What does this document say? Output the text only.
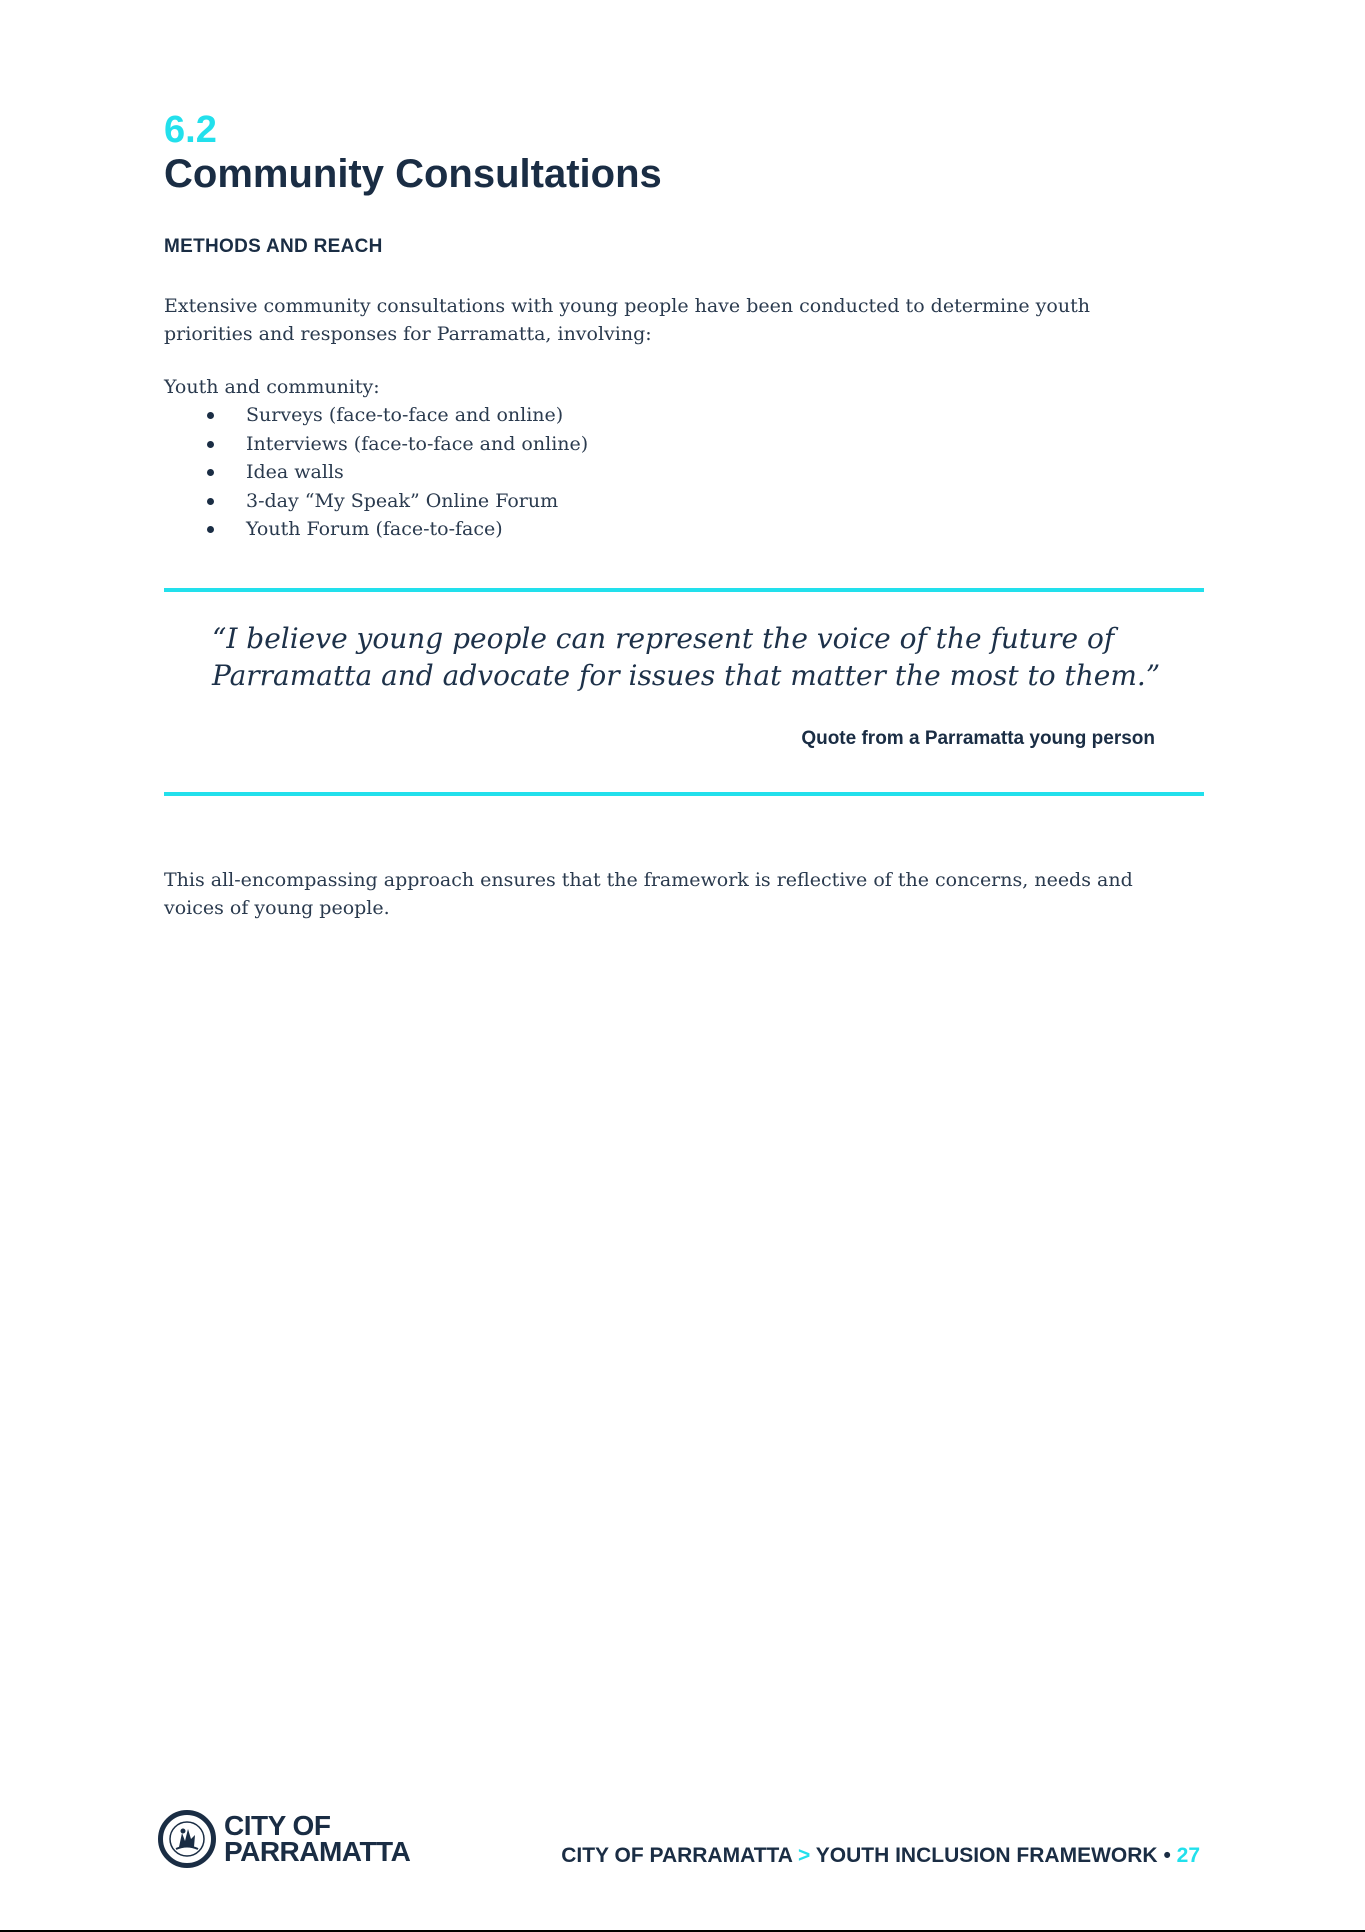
6.2
Community Consultations
METHODS AND REACH
Extensive community consultations with young people have been conducted to determine youth priorities and responses for Parramatta, involving:
Youth and community:
Surveys (face-to-face and online)
Interviews (face-to-face and online)
Idea walls
3-day “My Speak” Online Forum
Youth Forum (face-to-face)
“I believe young people can represent the voice of the future of Parramatta and advocate for issues that matter the most to them.”
Quote from a Parramatta young person
This all-encompassing approach ensures that the framework is reflective of the concerns, needs and voices of young people.
CITY OF
PARRAMATTA	CITY OF PARRAMATTA > YOUTH INCLUSION FRAMEWORK • 27
